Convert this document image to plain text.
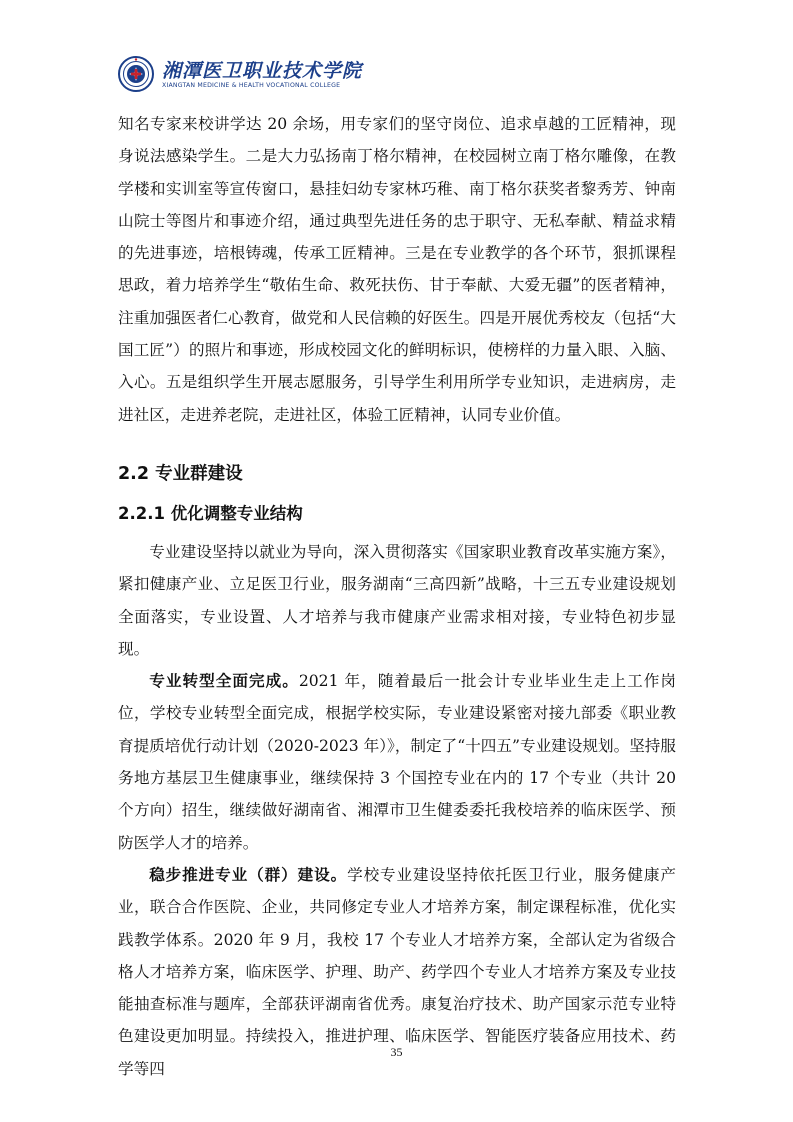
湘潭医卫职业技术学院
XIANGTAN MEDICINE & HEALTH VOCATIONAL COLLEGE

知名专家来校讲学达 20 余场，用专家们的坚守岗位、追求卓越的工匠精神，现身说法感染学生。二是大力弘扬南丁格尔精神，在校园树立南丁格尔雕像，在教学楼和实训室等宣传窗口，悬挂妇幼专家林巧稚、南丁格尔获奖者黎秀芳、钟南山院士等图片和事迹介绍，通过典型先进任务的忠于职守、无私奉献、精益求精的先进事迹，培根铸魂，传承工匠精神。三是在专业教学的各个环节，狠抓课程思政，着力培养学生“敬佑生命、救死扶伤、甘于奉献、大爱无疆”的医者精神，注重加强医者仁心教育，做党和人民信赖的好医生。四是开展优秀校友（包括“大国工匠”）的照片和事迹，形成校园文化的鲜明标识，使榜样的力量入眼、入脑、入心。五是组织学生开展志愿服务，引导学生利用所学专业知识，走进病房，走进社区，走进养老院，走进社区，体验工匠精神，认同专业价值。

2.2 专业群建设
2.2.1 优化调整专业结构

专业建设坚持以就业为导向，深入贯彻落实《国家职业教育改革实施方案》，紧扣健康产业、立足医卫行业，服务湖南“三高四新”战略，十三五专业建设规划全面落实，专业设置、人才培养与我市健康产业需求相对接，专业特色初步显现。

专业转型全面完成。2021 年，随着最后一批会计专业毕业生走上工作岗位，学校专业转型全面完成，根据学校实际，专业建设紧密对接九部委《职业教育提质培优行动计划（2020-2023 年）》，制定了“十四五”专业建设规划。坚持服务地方基层卫生健康事业，继续保持 3 个国控专业在内的 17 个专业（共计 20 个方向）招生，继续做好湖南省、湘潭市卫生健委委托我校培养的临床医学、预防医学人才的培养。

稳步推进专业（群）建设。学校专业建设坚持依托医卫行业，服务健康产业，联合合作医院、企业，共同修定专业人才培养方案，制定课程标准，优化实践教学体系。2020 年 9 月，我校 17 个专业人才培养方案，全部认定为省级合格人才培养方案，临床医学、护理、助产、药学四个专业人才培养方案及专业技能抽查标准与题库，全部获评湖南省优秀。康复治疗技术、助产国家示范专业特色建设更加明显。持续投入，推进护理、临床医学、智能医疗装备应用技术、药学等四

35
